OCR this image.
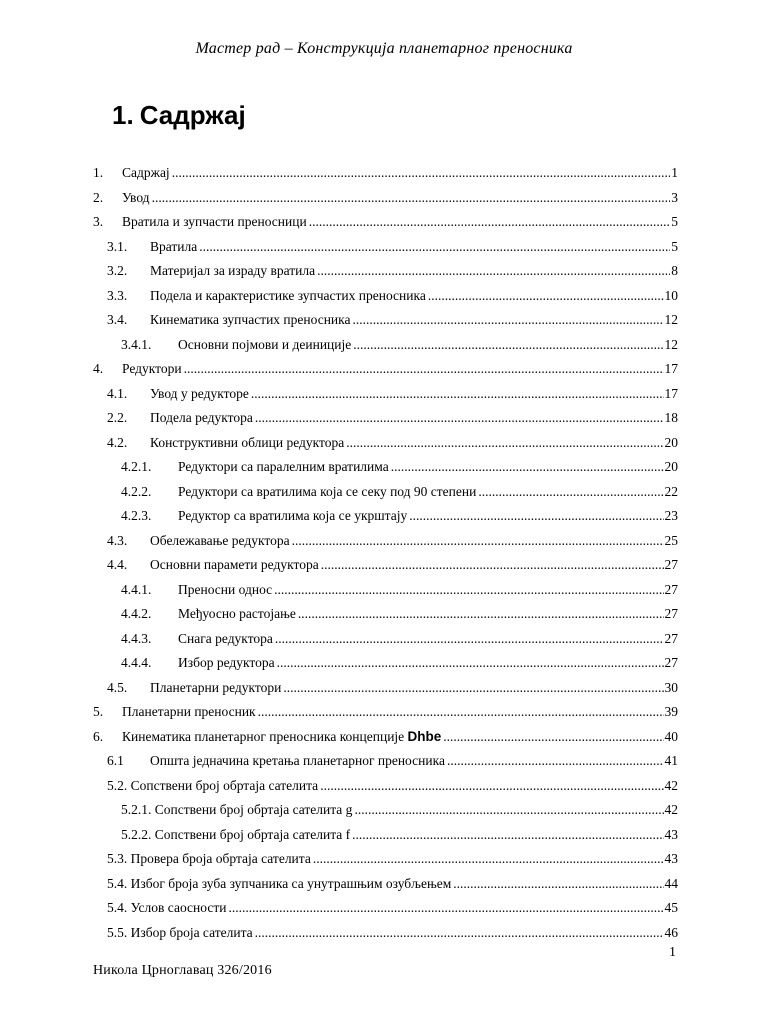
Мастер рад – Конструкција планетарног преносника
1. Садржај
1. Садржај .....	1
2. Увод .....	3
3. Вратила и зупчасти преносници .....	5
3.1. Вратила .....	5
3.2. Материјал за израду вратила .....	8
3.3. Подела и карактеристике зупчастих преносника .....	10
3.4. Кинематика зупчастих преносника .....	12
3.4.1. Основни појмови и деиниције .....	12
4. Редуктори .....	17
4.1. Увод у редукторе .....	17
2.2. Подела редуктора .....	18
4.2. Конструктивни облици редуктора .....	20
4.2.1. Редуктори са паралелним вратилима .....	20
4.2.2. Редуктори са вратилима која се секу под 90 степени .....	22
4.2.3. Редуктор са вратилима која се укрштају .....	23
4.3. Обележавање редуктора .....	25
4.4. Основни парамети редуктора .....	27
4.4.1. Преносни однос .....	27
4.4.2. Међуосно растојање .....	27
4.4.3. Снага редуктора .....	27
4.4.4. Избор редуктора .....	27
4.5. Планетарни редуктори .....	30
5. Планетарни преносник .....	39
6. Кинематика планетарног преносника концепције Dhbe .....	40
6.1 Општа једначина кретања планетарног преносника .....	41
5.2. Сопствени број обртаја сателита .....	42
5.2.1. Сопствени број обртаја сателита g .....	42
5.2.2. Сопствени број обртаја сателита f .....	43
5.3. Провера броја обртаја сателита .....	43
5.4. Избог броја зуба зупчаника са унутрашњим озубљењем .....	44
5.4. Услов саосности .....	45
5.5. Избор броја сателита .....	46
1
Никола Црноглавац 326/2016
